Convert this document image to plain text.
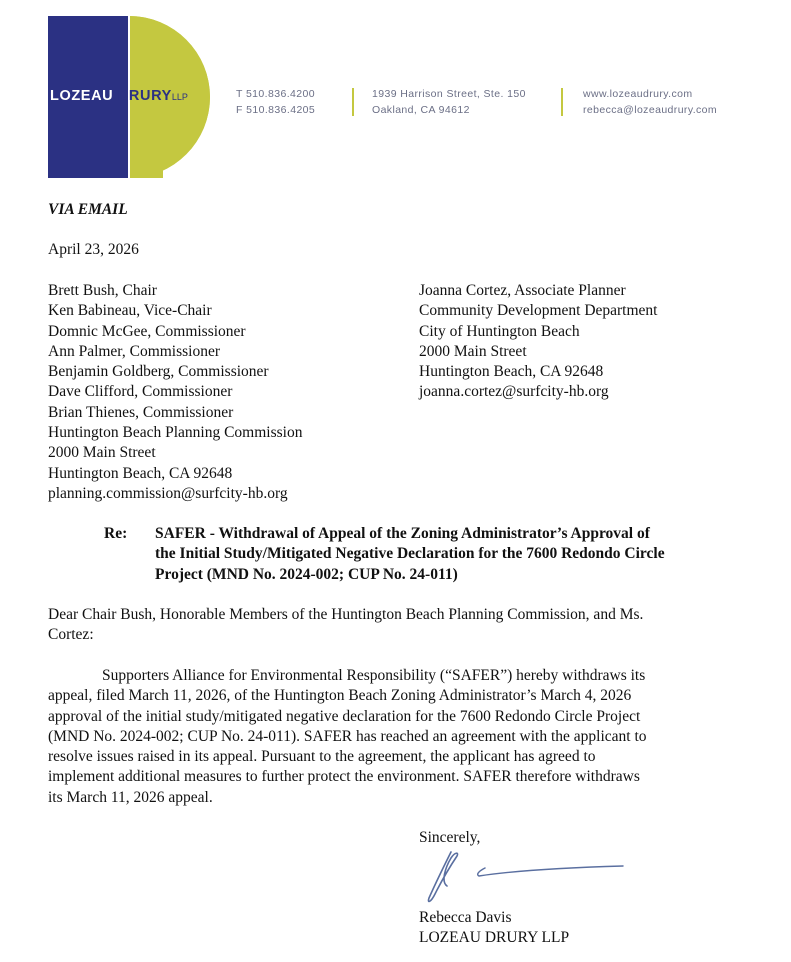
LOZEAU DRURYLLP	T 510.836.4200
F 510.836.4205
1939 Harrison Street, Ste. 150
Oakland, CA 94612
www.lozeaudrury.com
rebecca@lozeaudrury.com
VIA EMAIL
April 23, 2026
Brett Bush, Chair
Ken Babineau, Vice-Chair
Domnic McGee, Commissioner
Ann Palmer, Commissioner
Benjamin Goldberg, Commissioner
Dave Clifford, Commissioner
Brian Thienes, Commissioner
Huntington Beach Planning Commission
2000 Main Street
Huntington Beach, CA 92648
planning.commission@surfcity-hb.org
Joanna Cortez, Associate Planner
Community Development Department
City of Huntington Beach
2000 Main Street
Huntington Beach, CA 92648
joanna.cortez@surfcity-hb.org
Re: SAFER - Withdrawal of Appeal of the Zoning Administrator’s Approval of
the Initial Study/Mitigated Negative Declaration for the 7600 Redondo Circle
Project (MND No. 2024-002; CUP No. 24-011)
Dear Chair Bush, Honorable Members of the Huntington Beach Planning Commission, and Ms.
Cortez:
Supporters Alliance for Environmental Responsibility (“SAFER”) hereby withdraws its
appeal, filed March 11, 2026, of the Huntington Beach Zoning Administrator’s March 4, 2026
approval of the initial study/mitigated negative declaration for the 7600 Redondo Circle Project
(MND No. 2024-002; CUP No. 24-011). SAFER has reached an agreement with the applicant to
resolve issues raised in its appeal. Pursuant to the agreement, the applicant has agreed to
implement additional measures to further protect the environment. SAFER therefore withdraws
its March 11, 2026 appeal.
Sincerely,
Rebecca Davis
LOZEAU DRURY LLP
